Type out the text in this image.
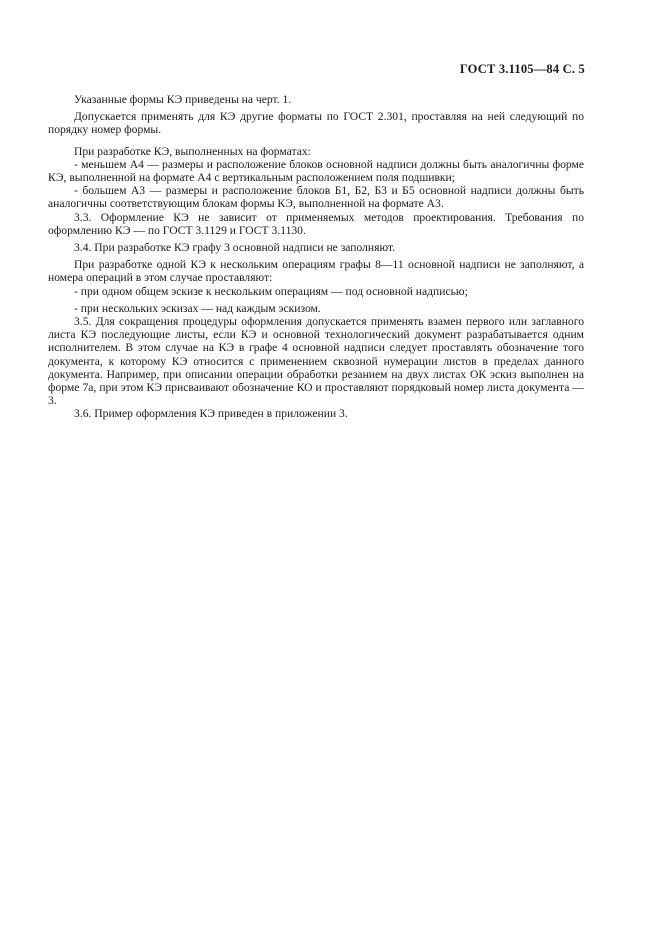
ГОСТ 3.1105—84 С. 5

Указанные формы КЭ приведены на черт. 1.

Допускается применять для КЭ другие форматы по ГОСТ 2.301, проставляя на ней следующий по порядку номер формы.

При разработке КЭ, выполненных на форматах:

- меньшем А4 — размеры и расположение блоков основной надписи должны быть аналогичны форме КЭ, выполненной на формате А4 с вертикальным расположением поля подшивки;

- большем А3 — размеры и расположение блоков Б1, Б2, Б3 и Б5 основной надписи должны быть аналогичны соответствующим блокам формы КЭ, выполненной на формате А3.

3.3. Оформление КЭ не зависит от применяемых методов проектирования. Требования по оформлению КЭ — по ГОСТ 3.1129 и ГОСТ 3.1130.

3.4. При разработке КЭ графу 3 основной надписи не заполняют.

При разработке одной КЭ к нескольким операциям графы 8—11 основной надписи не заполняют, а номера операций в этом случае проставляют:

- при одном общем эскизе к нескольким операциям — под основной надписью;

- при нескольких эскизах — над каждым эскизом.

3.5. Для сокращения процедуры оформления допускается применять взамен первого или заглавного листа КЭ последующие листы, если КЭ и основной технологический документ разрабатывается одним исполнителем. В этом случае на КЭ в графе 4 основной надписи следует проставлять обозначение того документа, к которому КЭ относится с применением сквозной нумерации листов в пределах данного документа. Например, при описании операции обработки резанием на двух листах ОК эскиз выполнен на форме 7а, при этом КЭ присваивают обозначение КО и проставляют порядковый номер листа документа — 3.

3.6. Пример оформления КЭ приведен в приложении 3.
